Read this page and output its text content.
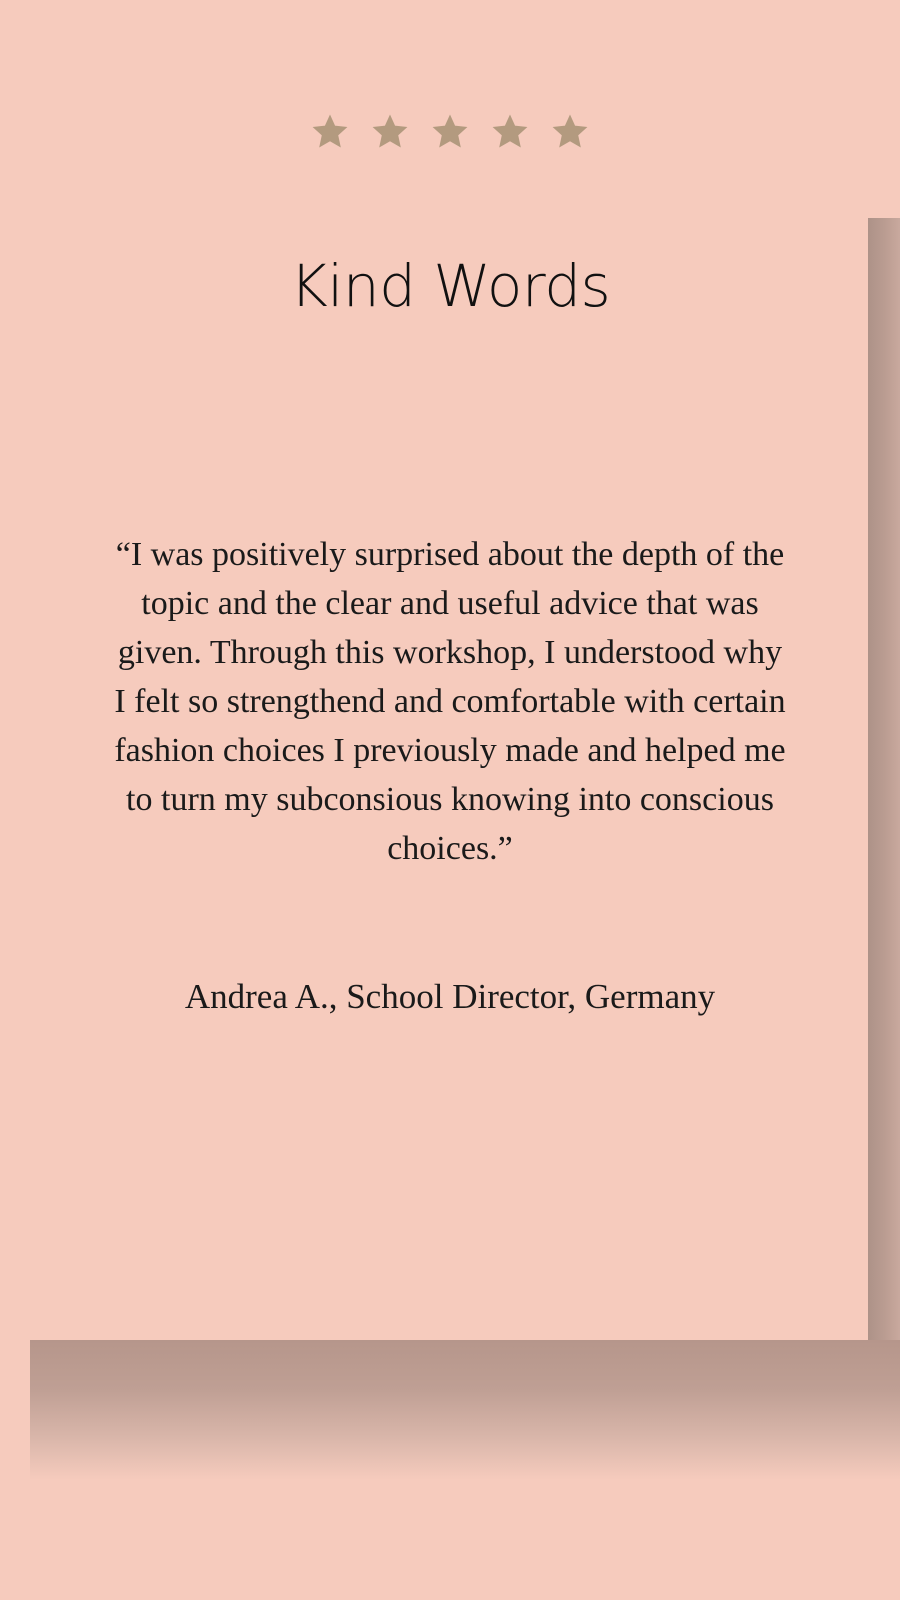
Kind Words

“I was positively surprised about the depth of the topic and the clear and useful advice that was given. Through this workshop, I understood why I felt so strengthend and comfortable with certain fashion choices I previously made and helped me to turn my subconsious knowing into conscious choices.”

Andrea A., School Director, Germany
